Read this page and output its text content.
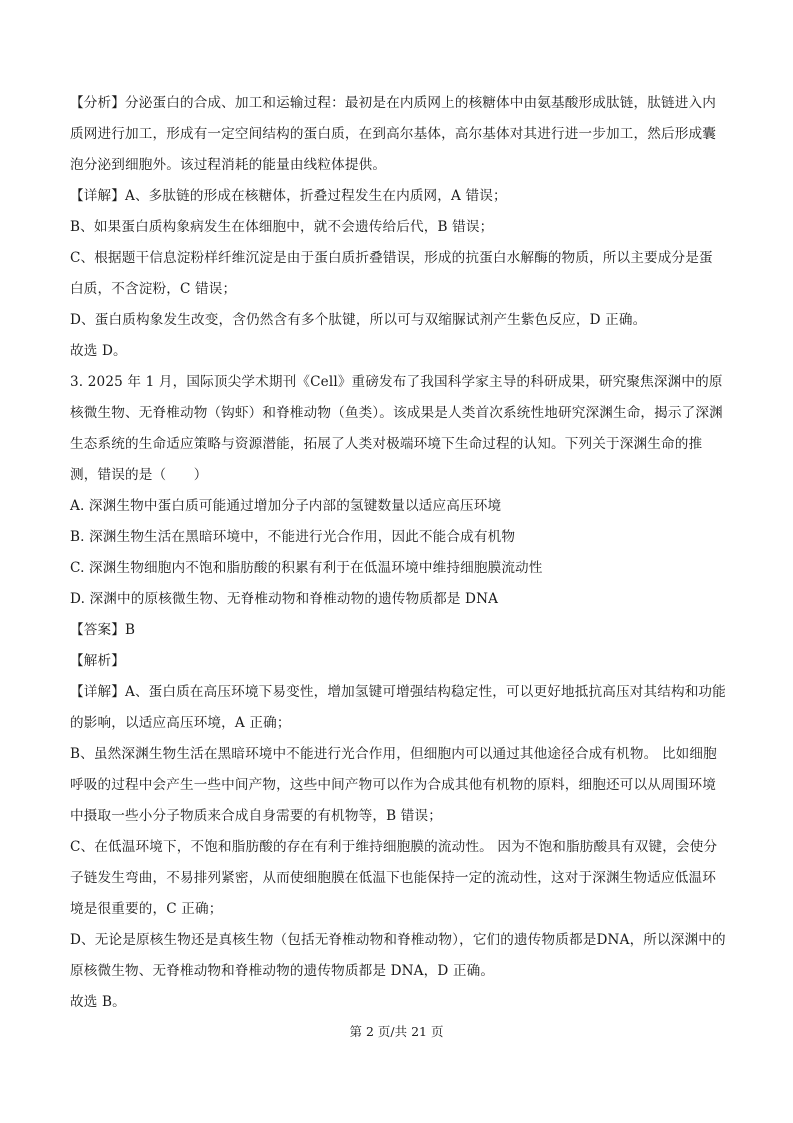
【分析】分泌蛋白的合成、加工和运输过程：最初是在内质网上的核糖体中由氨基酸形成肽链，肽链进入内质网进行加工，形成有一定空间结构的蛋白质，在到高尔基体，高尔基体对其进行进一步加工，然后形成囊泡分泌到细胞外。该过程消耗的能量由线粒体提供。

【详解】A、多肽链的形成在核糖体，折叠过程发生在内质网，A 错误；

B、如果蛋白质构象病发生在体细胞中，就不会遗传给后代，B 错误；

C、根据题干信息淀粉样纤维沉淀是由于蛋白质折叠错误，形成的抗蛋白水解酶的物质，所以主要成分是蛋白质，不含淀粉，C 错误；

D、蛋白质构象发生改变，含仍然含有多个肽键，所以可与双缩脲试剂产生紫色反应，D 正确。

故选 D。

3. 2025 年 1 月，国际顶尖学术期刊《Cell》重磅发布了我国科学家主导的科研成果，研究聚焦深渊中的原核微生物、无脊椎动物（钩虾）和脊椎动物（鱼类）。该成果是人类首次系统性地研究深渊生命，揭示了深渊生态系统的生命适应策略与资源潜能，拓展了人类对极端环境下生命过程的认知。下列关于深渊生命的推测，错误的是（　　）

A. 深渊生物中蛋白质可能通过增加分子内部的氢键数量以适应高压环境

B. 深渊生物生活在黑暗环境中，不能进行光合作用，因此不能合成有机物

C. 深渊生物细胞内不饱和脂肪酸的积累有利于在低温环境中维持细胞膜流动性

D. 深渊中的原核微生物、无脊椎动物和脊椎动物的遗传物质都是 DNA

【答案】B

【解析】

【详解】A、蛋白质在高压环境下易变性，增加氢键可增强结构稳定性，可以更好地抵抗高压对其结构和功能的影响，以适应高压环境，A 正确；

B、虽然深渊生物生活在黑暗环境中不能进行光合作用，但细胞内可以通过其他途径合成有机物。 比如细胞呼吸的过程中会产生一些中间产物，这些中间产物可以作为合成其他有机物的原料，细胞还可以从周围环境中摄取一些小分子物质来合成自身需要的有机物等，B 错误；

C、在低温环境下，不饱和脂肪酸的存在有利于维持细胞膜的流动性。 因为不饱和脂肪酸具有双键，会使分子链发生弯曲，不易排列紧密，从而使细胞膜在低温下也能保持一定的流动性，这对于深渊生物适应低温环境是很重要的，C 正确；

D、无论是原核生物还是真核生物（包括无脊椎动物和脊椎动物），它们的遗传物质都是DNA，所以深渊中的原核微生物、无脊椎动物和脊椎动物的遗传物质都是 DNA，D 正确。

故选 B。

第 2 页/共 21 页
